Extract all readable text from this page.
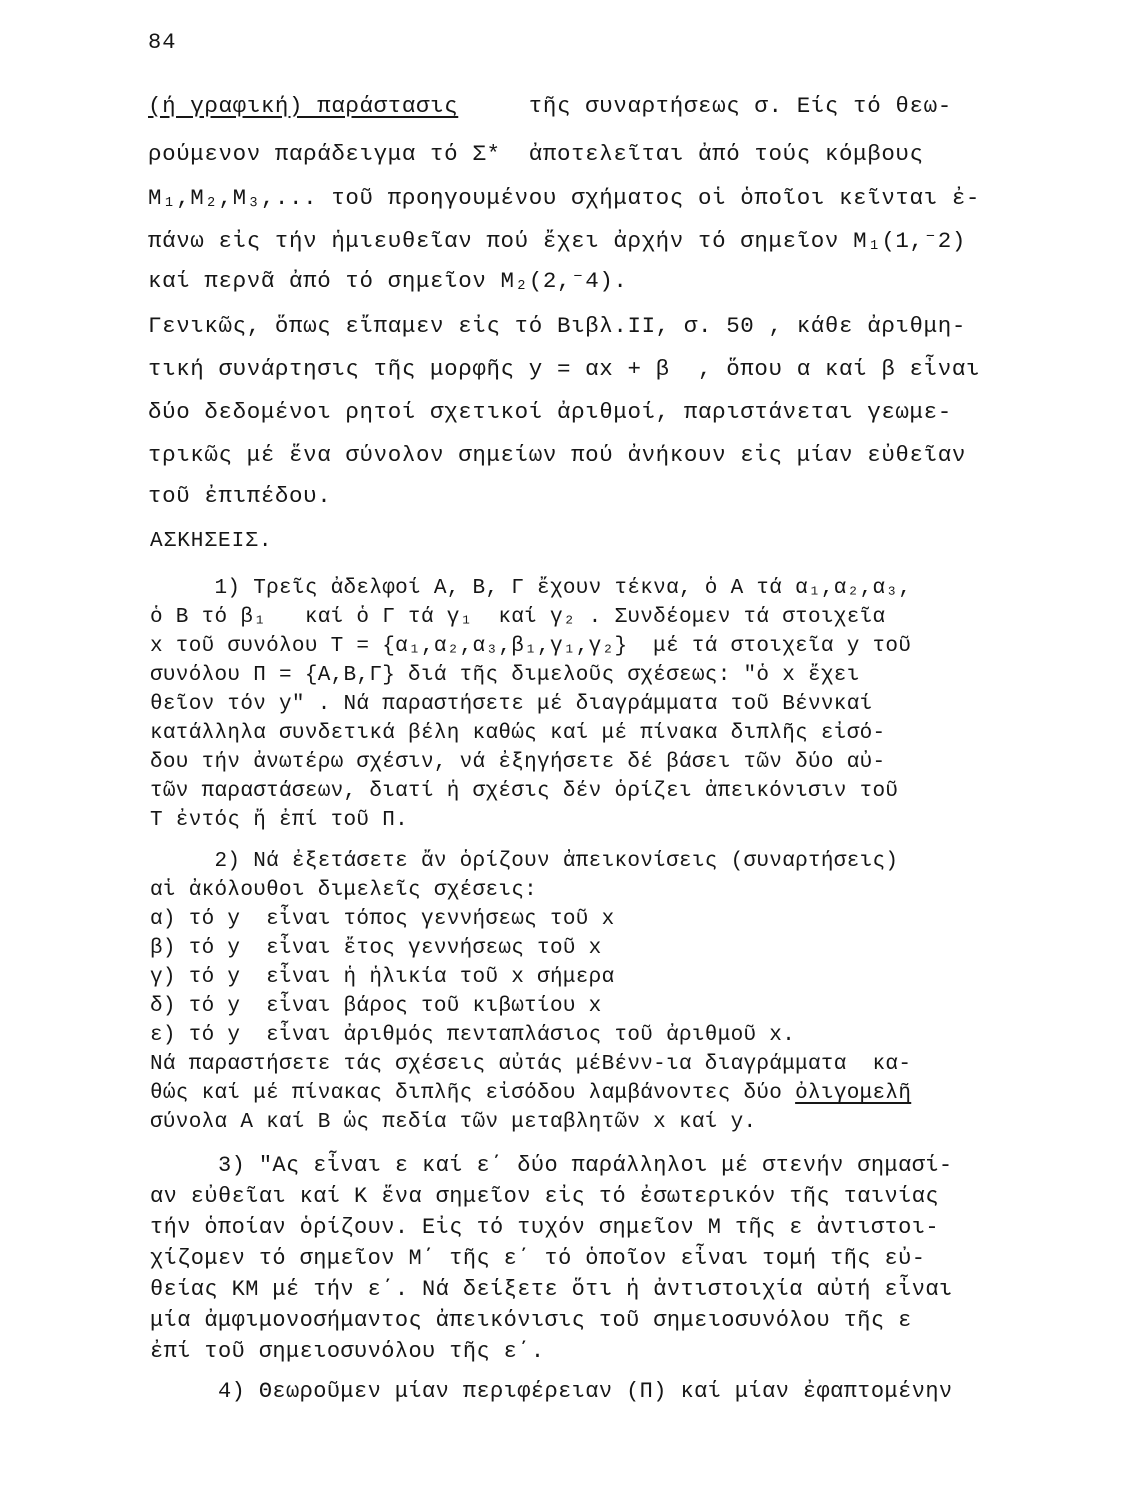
84
(ή γραφική) παράστασις	τῆς συναρτήσεως σ. Είς τό θεω-
ρούμενον παράδειγμα τό Σ*  ἀποτελεῖται ἀπό τούς κόμβους
M₁,M₂,M₃,... τοῦ προηγουμένου σχήματος οἱ ὁποῖοι κεῖνται ἐ-
πάνω εἰς τήν ἡμιευθεῖαν πού ἔχει ἀρχήν τό σημεῖον M₁(1,⁻2)
καί περνᾶ ἀπό τό σημεῖον M₂(2,⁻4).
Γενικῶς, ὅπως εἴπαμεν εἰς τό Βιβλ.ΙΙ, σ. 50 , κάθε ἀριθμη-
τική συνάρτησις τῆς μορφῆς y = αx + β  , ὅπου α καί β εἶναι
δύο δεδομένοι ρητοί σχετικοί ἀριθμοί, παριστάνεται γεωμε-
τρικῶς μέ ἕνα σύνολον σημείων πού ἀνήκουν εἰς μίαν εὐθεῖαν
τοῦ ἐπιπέδου.
ΑΣΚΗΣΕΙΣ.
1) Τρεῖς ἀδελφοί Α, Β, Γ ἔχουν τέκνα, ὁ Α τά α₁,α₂,α₃,
ὁ Β τό β₁   καί ὁ Γ τά γ₁  καί γ₂ . Συνδέομεν τά στοιχεῖα
x τοῦ συνόλου Τ = {α₁,α₂,α₃,β₁,γ₁,γ₂}  μέ τά στοιχεῖα y τοῦ
συνόλου Π = {Α,Β,Γ} διά τῆς διμελοῦς σχέσεως: "ὁ x ἔχει
θεῖον τόν y" . Νά παραστήσετε μέ διαγράμματα τοῦ Βέννκαί
κατάλληλα συνδετικά βέλη καθώς καί μέ πίνακα διπλῆς εἰσό-
δου τήν ἀνωτέρω σχέσιν, νά ἐξηγήσετε δέ βάσει τῶν δύο αὐ-
τῶν παραστάσεων, διατί ἡ σχέσις δέν ὁρίζει ἀπεικόνισιν τοῦ
Τ ἐντός ἤ ἐπί τοῦ Π.
2) Νά ἐξετάσετε ἄν ὁρίζουν ἀπεικονίσεις (συναρτήσεις)
αἱ ἀκόλουθοι διμελεῖς σχέσεις:
α) τό y  εἶναι τόπος γεννήσεως τοῦ x
β) τό y  εἶναι ἔτος γεννήσεως τοῦ x
γ) τό y  εἶναι ἡ ἡλικία τοῦ x σήμερα
δ) τό y  εἶναι βάρος τοῦ κιβωτίου x
ε) τό y  εἶναι ἀριθμός πενταπλάσιος τοῦ ἀριθμοῦ x.
Νά παραστήσετε τάς σχέσεις αὐτάς μέΒένν-ια διαγράμματα  κα-
θώς καί μέ πίνακας διπλῆς εἰσόδου λαμβάνοντες δύο ὀλιγομελῆ
σύνολα Α καί Β ὡς πεδία τῶν μεταβλητῶν x καί y.
3) "Ας εἶναι ε καί ε΄ δύο παράλληλοι μέ στενήν σημασί-
αν εὐθεῖαι καί Κ ἕνα σημεῖον εἰς τό ἐσωτερικόν τῆς ταινίας
τήν ὁποίαν ὁρίζουν. Εἰς τό τυχόν σημεῖον Μ τῆς ε ἀντιστοι-
χίζομεν τό σημεῖον Μ΄ τῆς ε΄ τό ὁποῖον εἶναι τομή τῆς εὐ-
θείας ΚΜ μέ τήν ε΄. Νά δείξετε ὅτι ἡ ἀντιστοιχία αὐτή εἶναι
μία ἀμφιμονοσήμαντος ἀπεικόνισις τοῦ σημειοσυνόλου τῆς ε
ἐπί τοῦ σημειοσυνόλου τῆς ε΄.
4) Θεωροῦμεν μίαν περιφέρειαν (Π) καί μίαν ἐφαπτομένην
